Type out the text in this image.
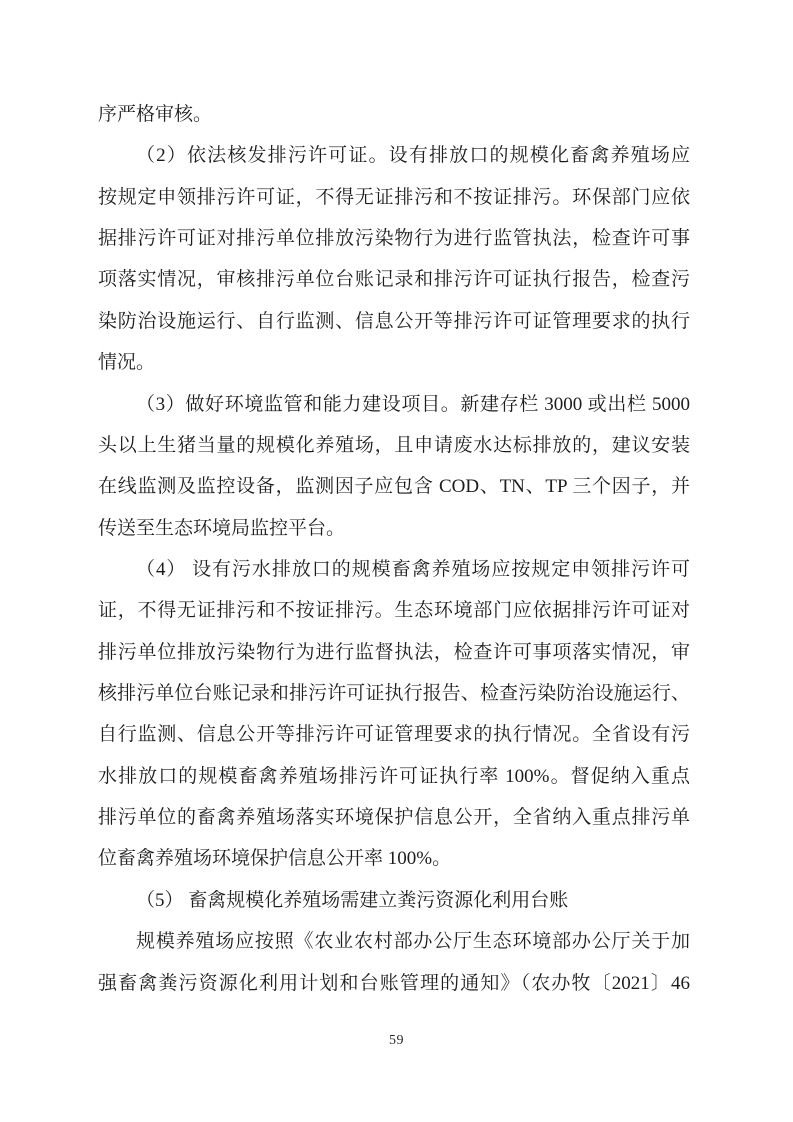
序严格审核。
（2）依法核发排污许可证。设有排放口的规模化畜禽养殖场应
按规定申领排污许可证，不得无证排污和不按证排污。环保部门应依
据排污许可证对排污单位排放污染物行为进行监管执法，检查许可事
项落实情况，审核排污单位台账记录和排污许可证执行报告，检查污
染防治设施运行、自行监测、信息公开等排污许可证管理要求的执行
情况。
（3）做好环境监管和能力建设项目。新建存栏 3000 或出栏 5000
头以上生猪当量的规模化养殖场，且申请废水达标排放的，建议安装
在线监测及监控设备，监测因子应包含 COD、TN、TP 三个因子，并
传送至生态环境局监控平台。
（4） 设有污水排放口的规模畜禽养殖场应按规定申领排污许可
证，不得无证排污和不按证排污。生态环境部门应依据排污许可证对
排污单位排放污染物行为进行监督执法，检查许可事项落实情况，审
核排污单位台账记录和排污许可证执行报告、检查污染防治设施运行、
自行监测、信息公开等排污许可证管理要求的执行情况。全省设有污
水排放口的规模畜禽养殖场排污许可证执行率 100%。督促纳入重点
排污单位的畜禽养殖场落实环境保护信息公开，全省纳入重点排污单
位畜禽养殖场环境保护信息公开率 100%。
（5） 畜禽规模化养殖场需建立粪污资源化利用台账
规模养殖场应按照《农业农村部办公厅生态环境部办公厅关于加
强畜禽粪污资源化利用计划和台账管理的通知》（农办牧〔2021〕46
59
